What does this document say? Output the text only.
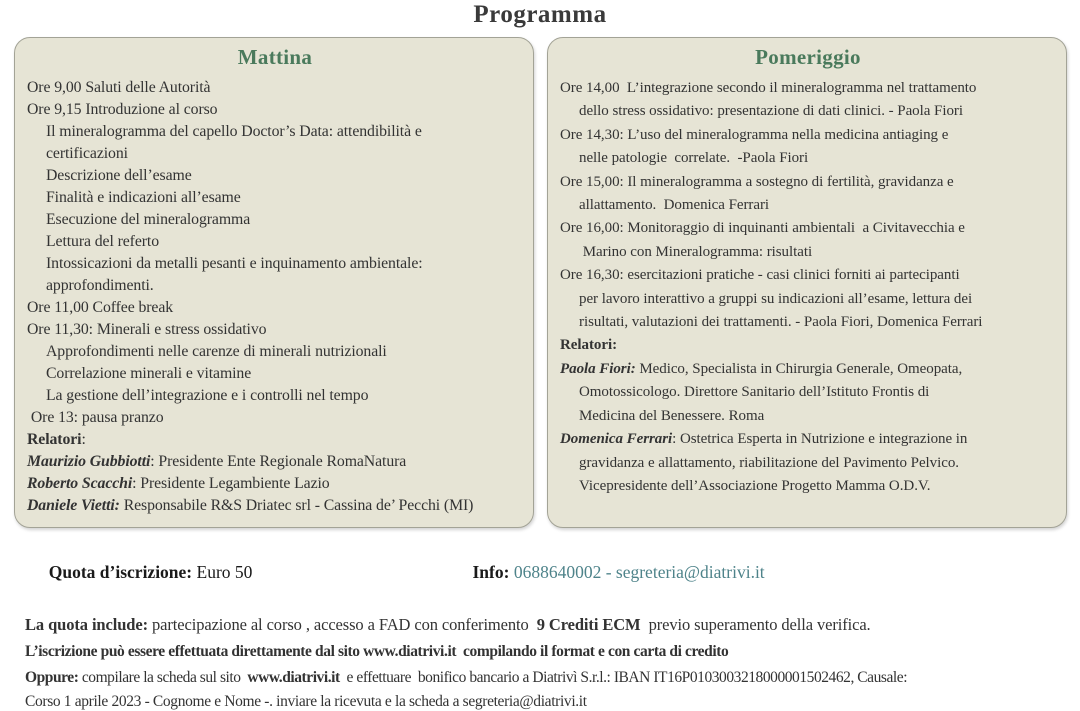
Programma
Mattina
Ore 9,00 Saluti delle Autorità
Ore 9,15 Introduzione al corso
Il mineralogramma del capello Doctor’s Data: attendibilità e
certificazioni
Descrizione dell’esame
Finalità e indicazioni all’esame
Esecuzione del mineralogramma
Lettura del referto
Intossicazioni da metalli pesanti e inquinamento ambientale:
approfondimenti.
Ore 11,00 Coffee break
Ore 11,30: Minerali e stress ossidativo
Approfondimenti nelle carenze di minerali nutrizionali
Correlazione minerali e vitamine
La gestione dell’integrazione e i controlli nel tempo
Ore 13: pausa pranzo
Relatori:
Maurizio Gubbiotti: Presidente Ente Regionale RomaNatura
Roberto Scacchi: Presidente Legambiente Lazio
Daniele Vietti: Responsabile R&S Driatec srl - Cassina de’ Pecchi (MI)
Pomeriggio
Ore 14,00  L’integrazione secondo il mineralogramma nel trattamento
dello stress ossidativo: presentazione di dati clinici. - Paola Fiori
Ore 14,30: L’uso del mineralogramma nella medicina antiaging e
nelle patologie  correlate.  -Paola Fiori
Ore 15,00: Il mineralogramma a sostegno di fertilità, gravidanza e
allattamento.  Domenica Ferrari
Ore 16,00: Monitoraggio di inquinanti ambientali  a Civitavecchia e
Marino con Mineralogramma: risultati
Ore 16,30: esercitazioni pratiche - casi clinici forniti ai partecipanti
per lavoro interattivo a gruppi su indicazioni all’esame, lettura dei
risultati, valutazioni dei trattamenti. - Paola Fiori, Domenica Ferrari
Relatori:
Paola Fiori: Medico, Specialista in Chirurgia Generale, Omeopata,
Omotossicologo. Direttore Sanitario dell’Istituto Frontis di
Medicina del Benessere. Roma
Domenica Ferrari: Ostetrica Esperta in Nutrizione e integrazione in
gravidanza e allattamento, riabilitazione del Pavimento Pelvico.
Vicepresidente dell’Associazione Progetto Mamma O.D.V.

Quota d’iscrizione: Euro 50
	Info: 0688640002 - segreteria@diatrivi.it

La quota include: partecipazione al corso , accesso a FAD con conferimento  9 Crediti ECM  previo superamento della verifica.
L’iscrizione può essere effettuata direttamente dal sito www.diatrivi.it  compilando il format e con carta di credito
Oppure: compilare la scheda sul sito  www.diatrivi.it  e effettuare  bonifico bancario a Diatrivì S.r.l.: IBAN IT16P0103003218000001502462, Causale:
Corso 1 aprile 2023 - Cognome e Nome -. inviare la ricevuta e la scheda a segreteria@diatrivi.it
